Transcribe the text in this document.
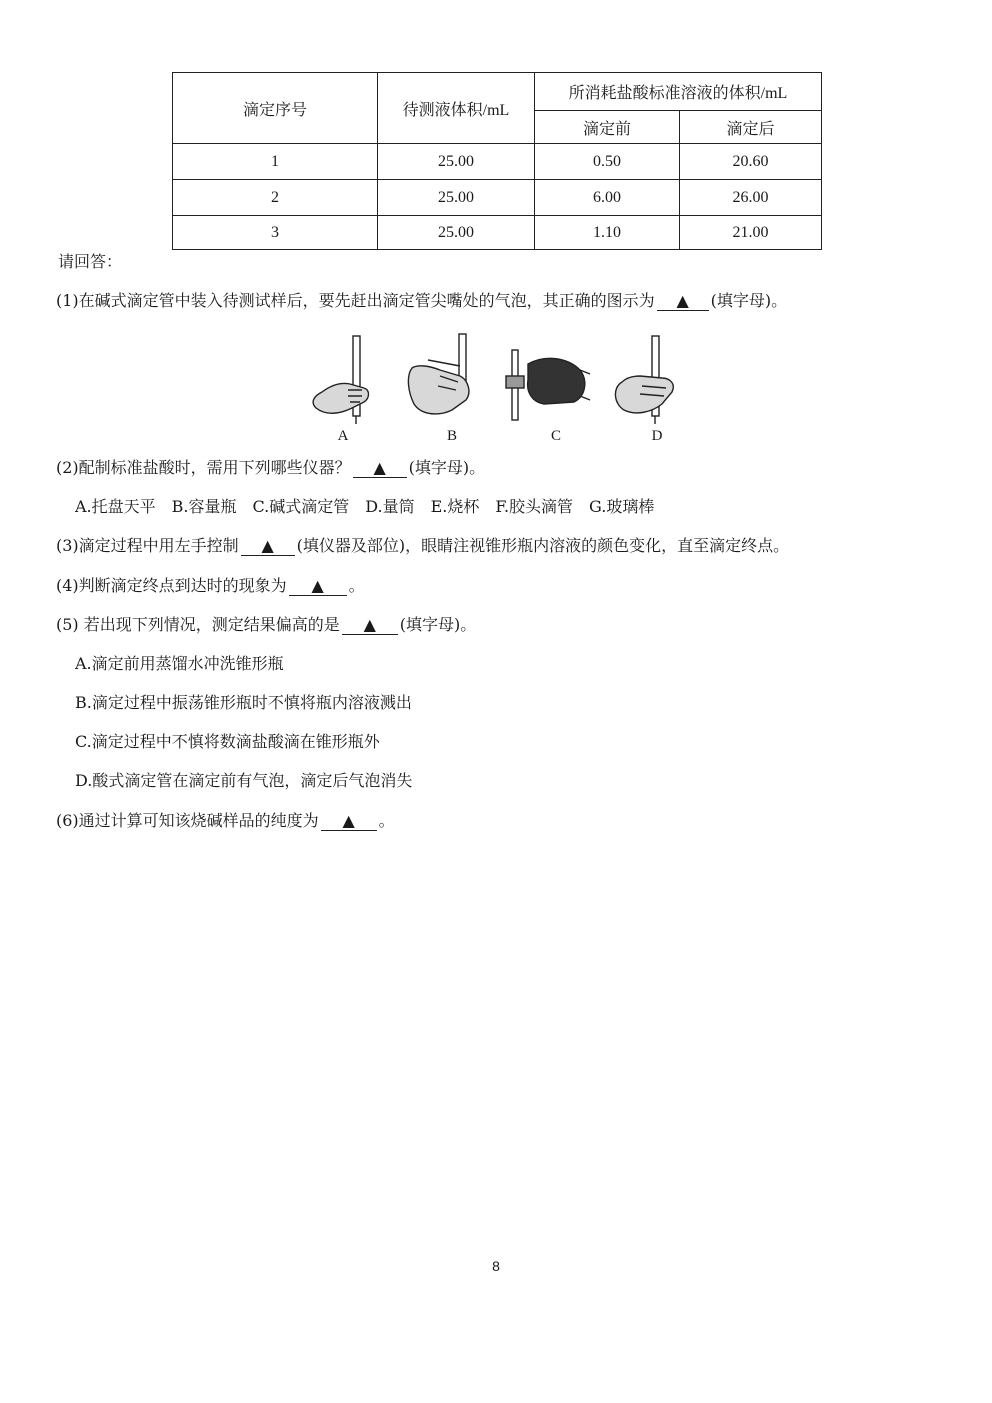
滴定序号	待测液体积/mL	所消耗盐酸标准溶液的体积/mL	
		滴定前	滴定后
1	25.00	0.50	20.60
2	25.00	6.00	26.00
3	25.00	1.10	21.00
请回答：
(1)在碱式滴定管中装入待测试样后，要先赶出滴定管尖嘴处的气泡，其正确的图示为 ▲ (填字母)。
A	B	C	D
(2)配制标准盐酸时，需用下列哪些仪器？ ▲ (填字母)。
A.托盘天平　B.容量瓶　C.碱式滴定管　D.量筒　E.烧杯　F.胶头滴管　G.玻璃棒
(3)滴定过程中用左手控制 ▲ (填仪器及部位)，眼睛注视锥形瓶内溶液的颜色变化，直至滴定终点。
(4)判断滴定终点到达时的现象为 ▲ 。
(5) 若出现下列情况，测定结果偏高的是 ▲ (填字母)。
A.滴定前用蒸馏水冲洗锥形瓶
B.滴定过程中振荡锥形瓶时不慎将瓶内溶液溅出
C.滴定过程中不慎将数滴盐酸滴在锥形瓶外
D.酸式滴定管在滴定前有气泡，滴定后气泡消失
(6)通过计算可知该烧碱样品的纯度为 ▲ 。
8
